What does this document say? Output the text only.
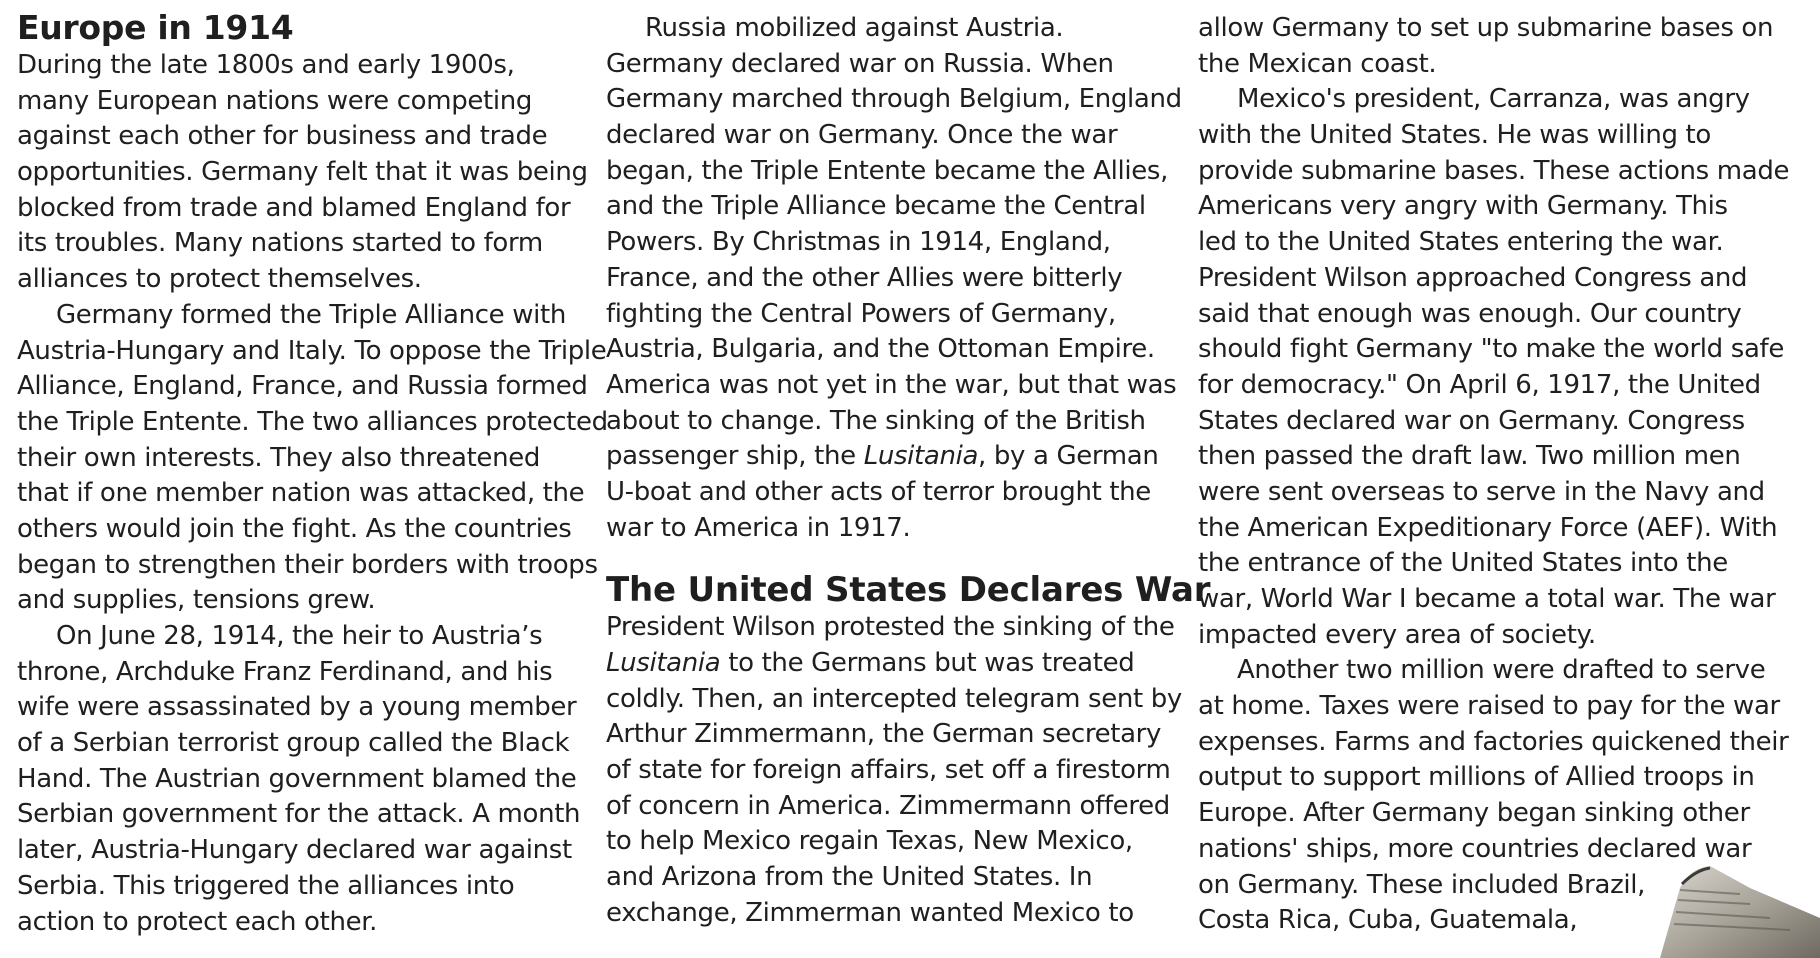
Europe in 1914
During the late 1800s and early 1900s,
many European nations were competing
against each other for business and trade
opportunities. Germany felt that it was being
blocked from trade and blamed England for
its troubles. Many nations started to form
alliances to protect themselves.
Germany formed the Triple Alliance with
Austria-Hungary and Italy. To oppose the Triple
Alliance, England, France, and Russia formed
the Triple Entente. The two alliances protected
their own interests. They also threatened
that if one member nation was attacked, the
others would join the fight. As the countries
began to strengthen their borders with troops
and supplies, tensions grew.
On June 28, 1914, the heir to Austria’s
throne, Archduke Franz Ferdinand, and his
wife were assassinated by a young member
of a Serbian terrorist group called the Black
Hand. The Austrian government blamed the
Serbian government for the attack. A month
later, Austria-Hungary declared war against
Serbia. This triggered the alliances into
action to protect each other.
Russia mobilized against Austria.
Germany declared war on Russia. When
Germany marched through Belgium, England
declared war on Germany. Once the war
began, the Triple Entente became the Allies,
and the Triple Alliance became the Central
Powers. By Christmas in 1914, England,
France, and the other Allies were bitterly
fighting the Central Powers of Germany,
Austria, Bulgaria, and the Ottoman Empire.
America was not yet in the war, but that was
about to change. The sinking of the British
passenger ship, the Lusitania, by a German
U-boat and other acts of terror brought the
war to America in 1917.
The United States Declares War
President Wilson protested the sinking of the
Lusitania to the Germans but was treated
coldly. Then, an intercepted telegram sent by
Arthur Zimmermann, the German secretary
of state for foreign affairs, set off a firestorm
of concern in America. Zimmermann offered
to help Mexico regain Texas, New Mexico,
and Arizona from the United States. In
exchange, Zimmerman wanted Mexico to
allow Germany to set up submarine bases on
the Mexican coast.
Mexico's president, Carranza, was angry
with the United States. He was willing to
provide submarine bases. These actions made
Americans very angry with Germany. This
led to the United States entering the war.
President Wilson approached Congress and
said that enough was enough. Our country
should fight Germany "to make the world safe
for democracy." On April 6, 1917, the United
States declared war on Germany. Congress
then passed the draft law. Two million men
were sent overseas to serve in the Navy and
the American Expeditionary Force (AEF). With
the entrance of the United States into the
war, World War I became a total war. The war
impacted every area of society.
Another two million were drafted to serve
at home. Taxes were raised to pay for the war
expenses. Farms and factories quickened their
output to support millions of Allied troops in
Europe. After Germany began sinking other
nations' ships, more countries declared war
on Germany. These included Brazil,
Costa Rica, Cuba, Guatemala,
